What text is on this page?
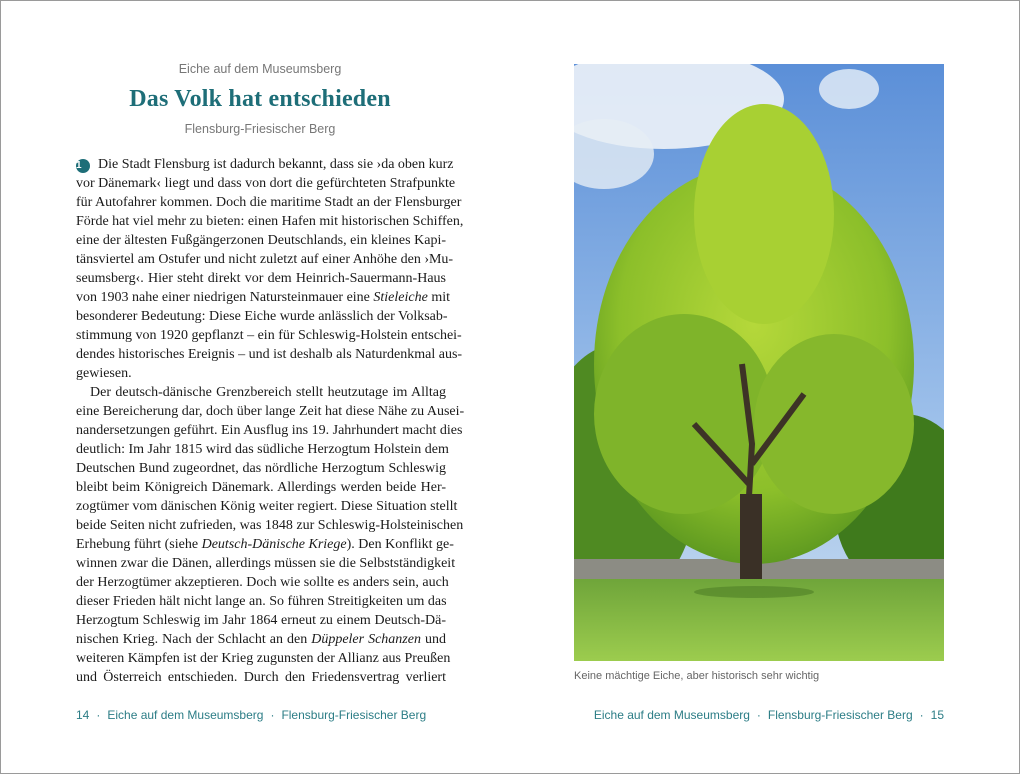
Eiche auf dem Museumsberg
Das Volk hat entschieden
Flensburg-Friesischer Berg
1 Die Stadt Flensburg ist dadurch bekannt, dass sie ›da oben kurz
vor Dänemark‹ liegt und dass von dort die gefürchteten Strafpunkte
für Autofahrer kommen. Doch die maritime Stadt an der Flensburger
Förde hat viel mehr zu bieten: einen Hafen mit historischen Schiffen,
eine der ältesten Fußgängerzonen Deutschlands, ein kleines Kapi-
tänsviertel am Ostufer und nicht zuletzt auf einer Anhöhe den ›Mu-
seumsberg‹. Hier steht direkt vor dem Heinrich-Sauermann-Haus
von 1903 nahe einer niedrigen Natursteinmauer eine Stieleiche mit
besonderer Bedeutung: Diese Eiche wurde anlässlich der Volksab-
stimmung von 1920 gepflanzt – ein für Schleswig-Holstein entschei-
dendes historisches Ereignis – und ist deshalb als Naturdenkmal aus-
gewiesen.
Der deutsch-dänische Grenzbereich stellt heutzutage im Alltag
eine Bereicherung dar, doch über lange Zeit hat diese Nähe zu Ausei-
nandersetzungen geführt. Ein Ausflug ins 19. Jahrhundert macht dies
deutlich: Im Jahr 1815 wird das südliche Herzogtum Holstein dem
Deutschen Bund zugeordnet, das nördliche Herzogtum Schleswig
bleibt beim Königreich Dänemark. Allerdings werden beide Her-
zogtümer vom dänischen König weiter regiert. Diese Situation stellt
beide Seiten nicht zufrieden, was 1848 zur Schleswig-Holsteinischen
Erhebung führt (siehe Deutsch-Dänische Kriege). Den Konflikt ge-
winnen zwar die Dänen, allerdings müssen sie die Selbstständigkeit
der Herzogtümer akzeptieren. Doch wie sollte es anders sein, auch
dieser Frieden hält nicht lange an. So führen Streitigkeiten um das
Herzogtum Schleswig im Jahr 1864 erneut zu einem Deutsch-Dä-
nischen Krieg. Nach der Schlacht an den Düppeler Schanzen und
weiteren Kämpfen ist der Krieg zugunsten der Allianz aus Preußen
und Österreich entschieden. Durch den Friedensvertrag verliert	Keine mächtige Eiche, aber historisch sehr wichtig
14 · Eiche auf dem Museumsberg · Flensburg-Friesischer Berg	Eiche auf dem Museumsberg · Flensburg-Friesischer Berg · 15
